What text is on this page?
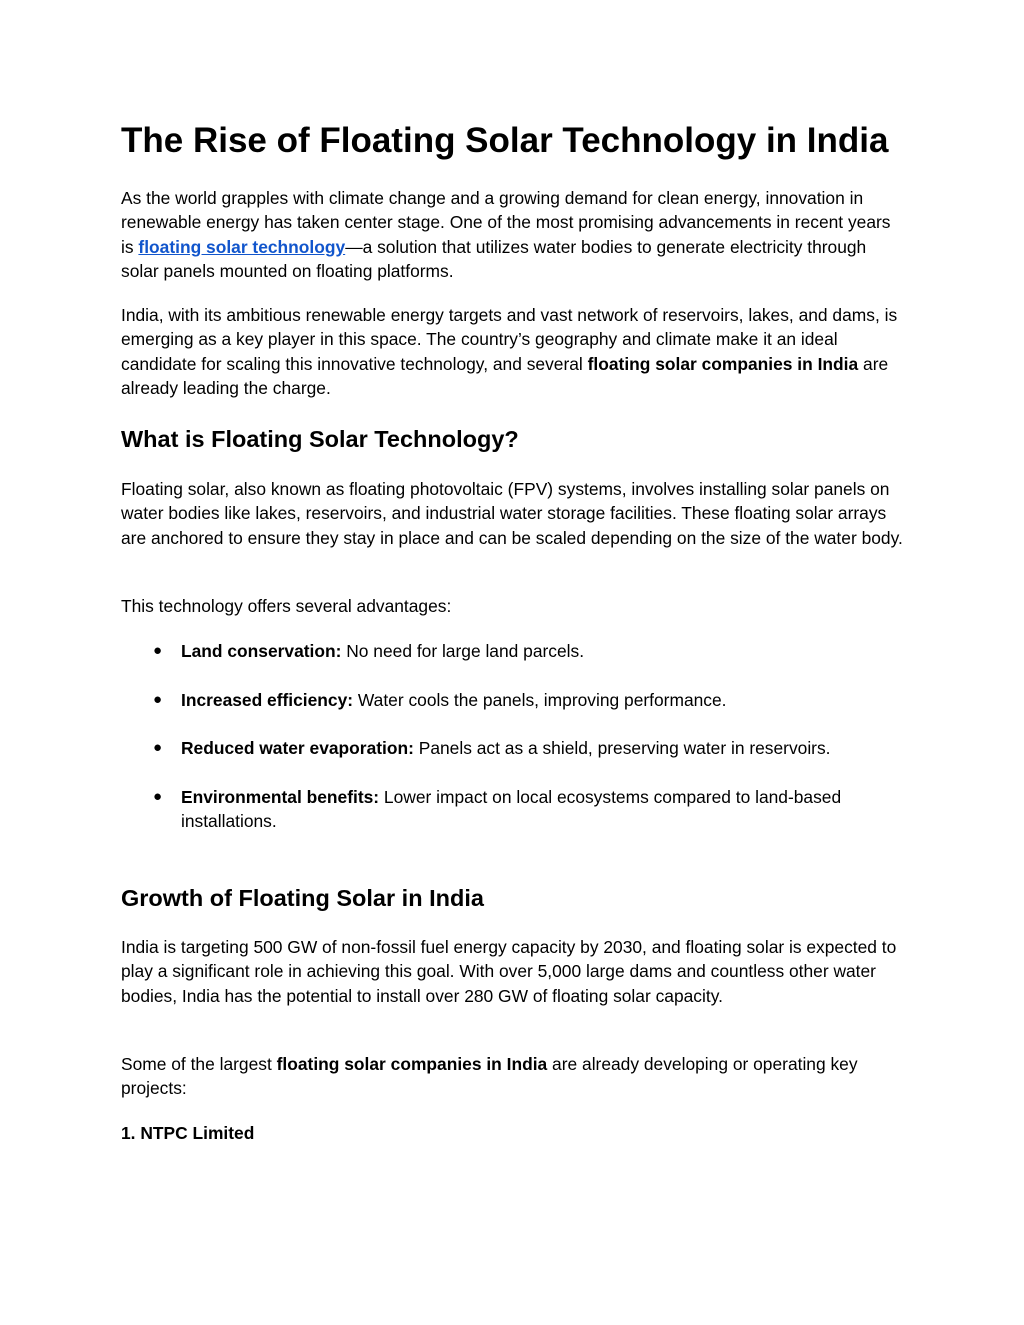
The Rise of Floating Solar Technology in India

As the world grapples with climate change and a growing demand for clean energy, innovation in renewable energy has taken center stage. One of the most promising advancements in recent years is floating solar technology—a solution that utilizes water bodies to generate electricity through solar panels mounted on floating platforms.

India, with its ambitious renewable energy targets and vast network of reservoirs, lakes, and dams, is emerging as a key player in this space. The country’s geography and climate make it an ideal candidate for scaling this innovative technology, and several floating solar companies in India are already leading the charge.

What is Floating Solar Technology?

Floating solar, also known as floating photovoltaic (FPV) systems, involves installing solar panels on water bodies like lakes, reservoirs, and industrial water storage facilities. These floating solar arrays are anchored to ensure they stay in place and can be scaled depending on the size of the water body.

This technology offers several advantages:

● Land conservation: No need for large land parcels.
● Increased efficiency: Water cools the panels, improving performance.
● Reduced water evaporation: Panels act as a shield, preserving water in reservoirs.
● Environmental benefits: Lower impact on local ecosystems compared to land-based installations.
Growth of Floating Solar in India

India is targeting 500 GW of non-fossil fuel energy capacity by 2030, and floating solar is expected to play a significant role in achieving this goal. With over 5,000 large dams and countless other water bodies, India has the potential to install over 280 GW of floating solar capacity.

Some of the largest floating solar companies in India are already developing or operating key projects:

1. NTPC Limited
